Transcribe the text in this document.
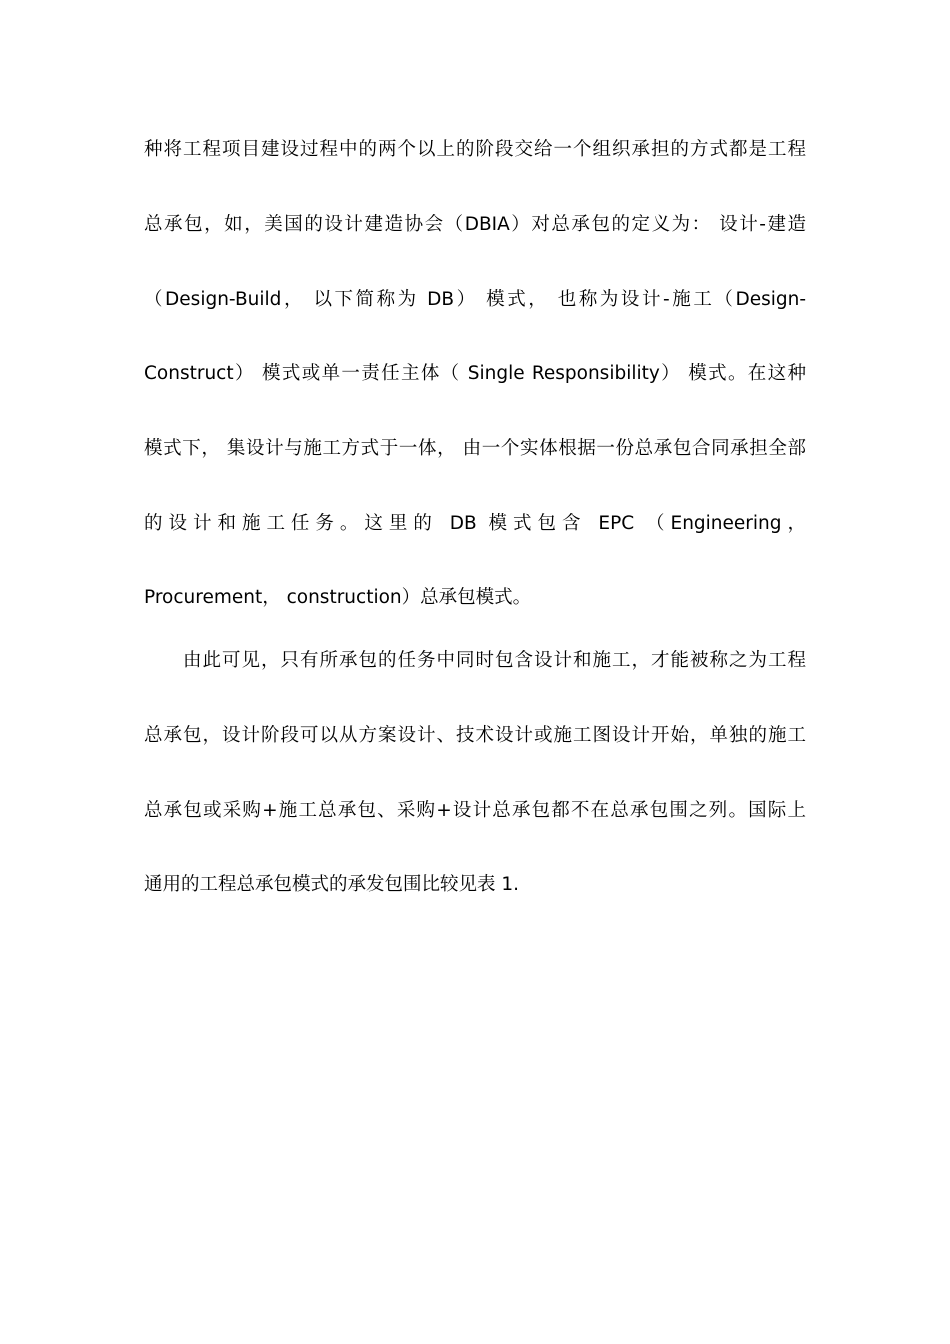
种将工程项目建设过程中的两个以上的阶段交给一个组织承担的方式都是工程
总承包，如，美国的设计建造协会（DBIA）对总承包的定义为： 设计-建造
（Design-Build， 以下简称为 DB） 模式， 也称为设计-施工（Design-
Construct） 模式或单一责任主体（ Single Responsibility） 模式。在这种
模式下， 集设计与施工方式于一体， 由一个实体根据一份总承包合同承担全部
的设计和施工任务。这里的 DB 模式包含 EPC （Engineering，
Procurement， construction）总承包模式。
由此可见，只有所承包的任务中同时包含设计和施工，才能被称之为工程
总承包，设计阶段可以从方案设计、技术设计或施工图设计开始，单独的施工
总承包或采购+施工总承包、采购+设计总承包都不在总承包围之列。国际上
通用的工程总承包模式的承发包围比较见表 1.
